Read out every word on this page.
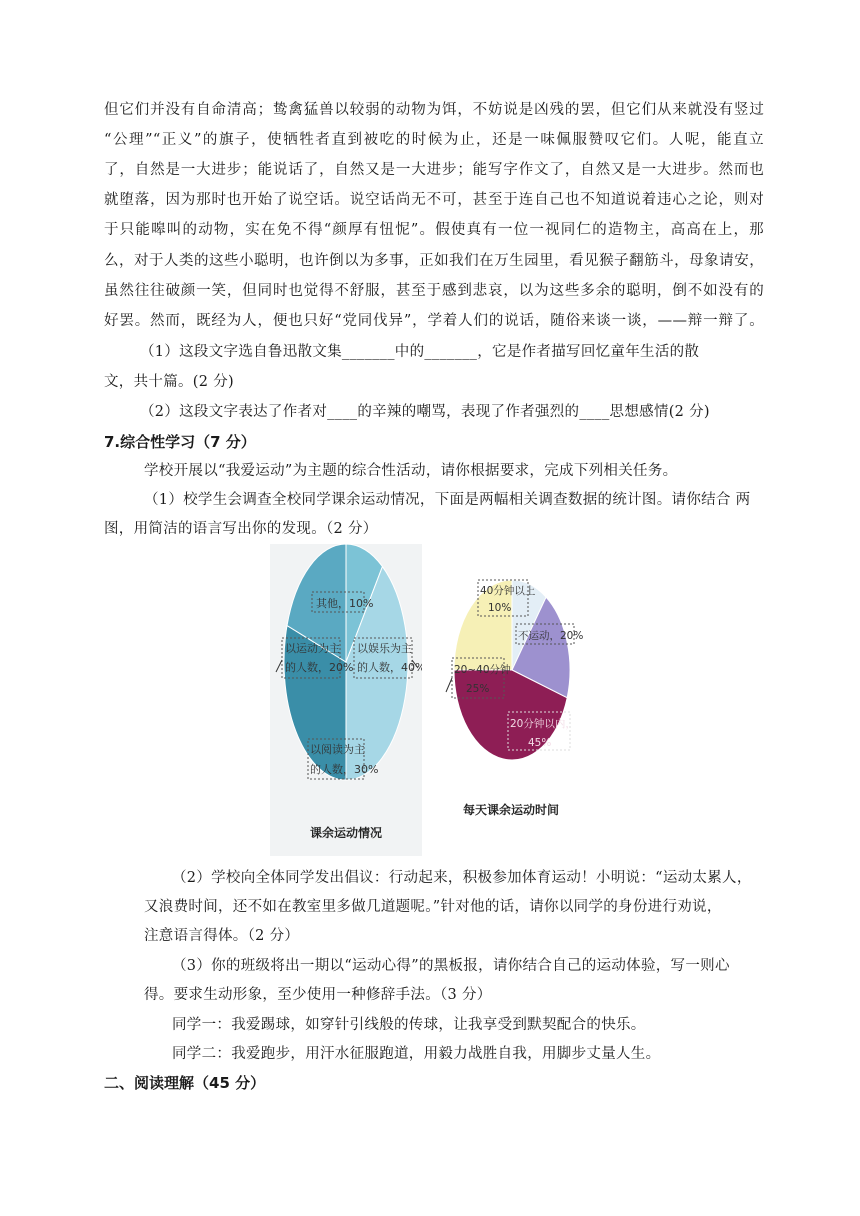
但它们并没有自命清高；鸷禽猛兽以较弱的动物为饵，不妨说是凶残的罢，但它们从来就没有竖过
“公理”“正义”的旗子，使牺牲者直到被吃的时候为止，还是一味佩服赞叹它们。人呢，能直立
了，自然是一大进步；能说话了，自然又是一大进步；能写字作文了，自然又是一大进步。然而也
就堕落，因为那时也开始了说空话。说空话尚无不可，甚至于连自己也不知道说着违心之论，则对
于只能嗥叫的动物，实在免不得“颜厚有忸怩”。假使真有一位一视同仁的造物主，高高在上，那
么，对于人类的这些小聪明，也许倒以为多事，正如我们在万生园里，看见猴子翻筋斗，母象请安，
虽然往往破颜一笑，但同时也觉得不舒服，甚至于感到悲哀，以为这些多余的聪明，倒不如没有的
好罢。然而，既经为人，便也只好“党同伐异”，学着人们的说话，随俗来谈一谈，——辩一辩了。
（1）这段文字选自鲁迅散文集_______中的_______，它是作者描写回忆童年生活的散
文，共十篇。(2 分)
（2）这段文字表达了作者对____的辛辣的嘲骂，表现了作者强烈的____思想感情(2 分)
7.综合性学习（7 分）
学校开展以“我爱运动”为主题的综合性活动，请你根据要求，完成下列相关任务。
（1）校学生会调查全校同学课余运动情况，下面是两幅相关调查数据的统计图。请你结合 两
图，用简洁的语言写出你的发现。（2 分）
其他，10%
以娱乐为主
的人数，40%
以运动为主
的人数，20%
以阅读为主
的人数，30%
课余运动情况
40分钟以上
10%
不运动，20%
20~40分钟
25%
20分钟以内，
45%
每天课余运动时间
（2）学校向全体同学发出倡议：行动起来，积极参加体育运动！小明说：“运动太累人，
又浪费时间，还不如在教室里多做几道题呢。”针对他的话，请你以同学的身份进行劝说，
注意语言得体。（2 分）
（3）你的班级将出一期以“运动心得”的黑板报，请你结合自己的运动体验，写一则心
得。要求生动形象，至少使用一种修辞手法。（3 分）
同学一：我爱踢球，如穿针引线般的传球，让我享受到默契配合的快乐。
同学二：我爱跑步，用汗水征服跑道，用毅力战胜自我，用脚步丈量人生。
二、阅读理解（45 分）
